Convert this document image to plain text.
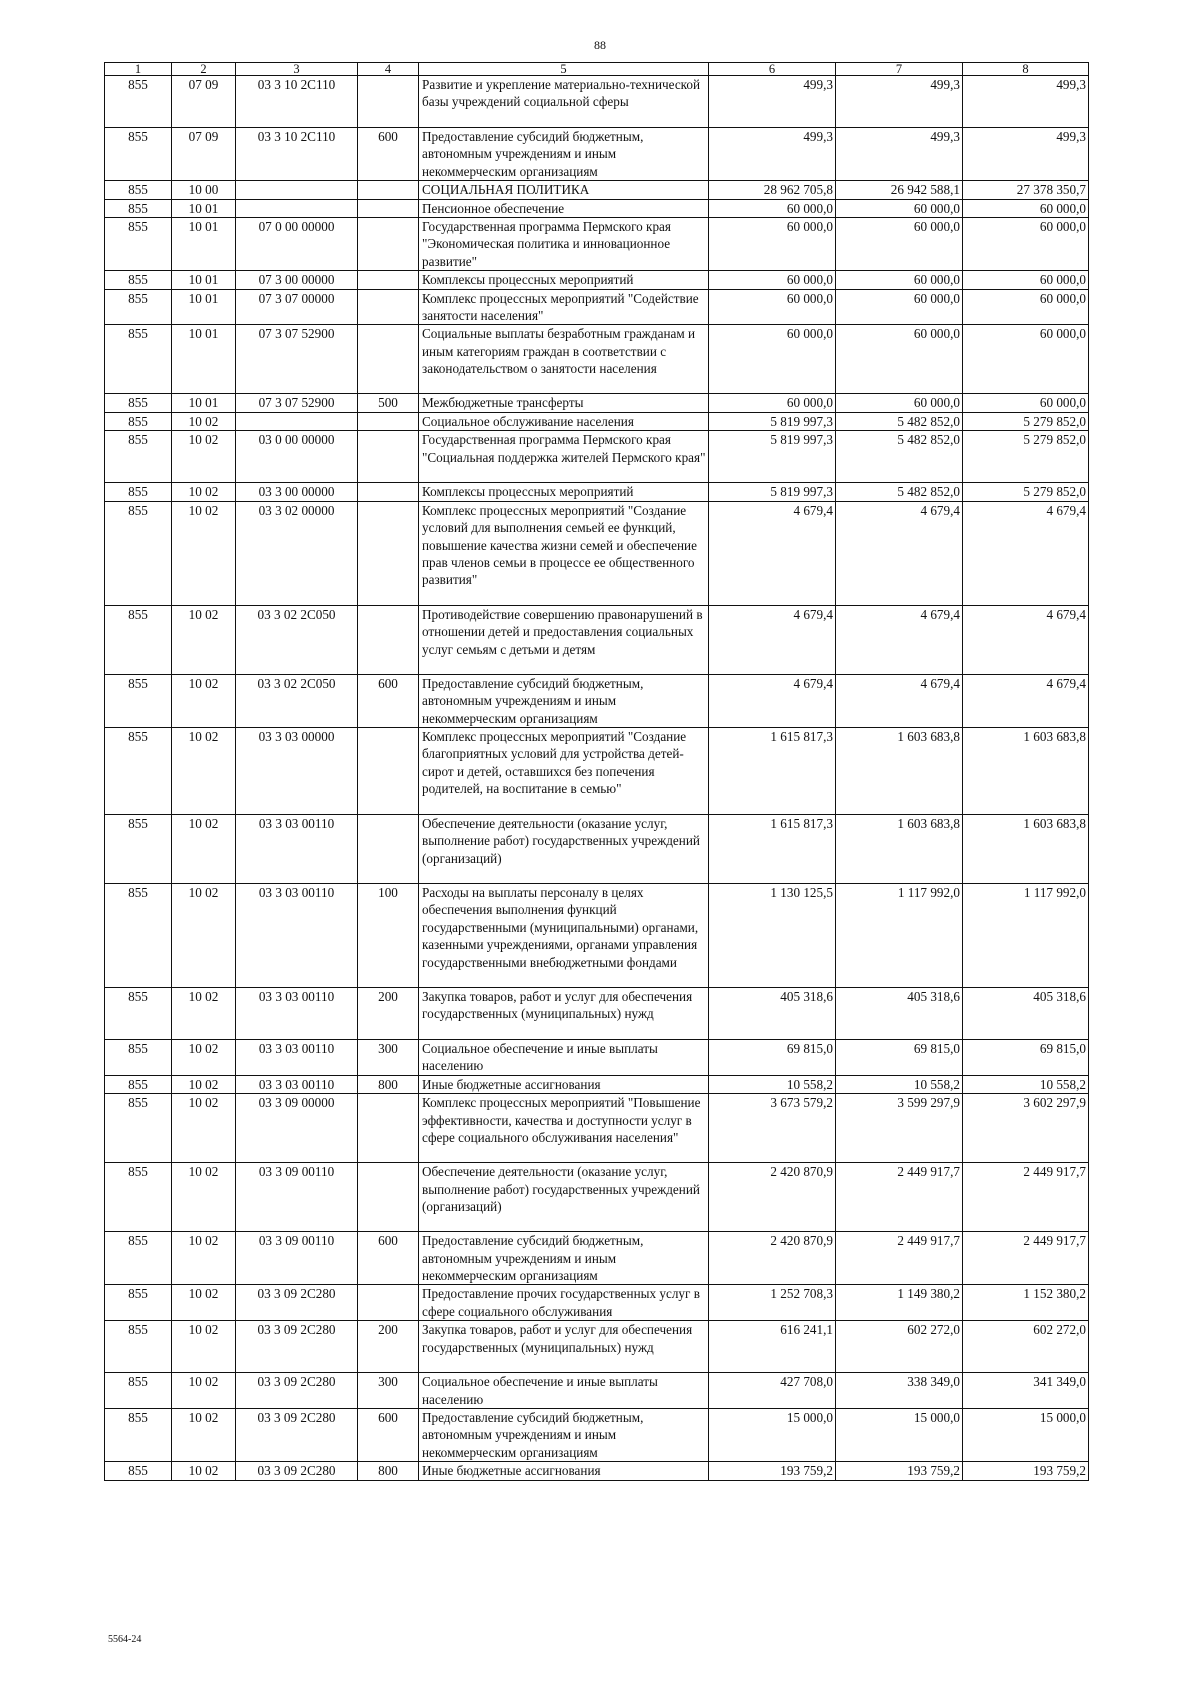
88
1	2	3	4	5	6	7	8
855	07 09	03 3 10 2С110		Развитие и укрепление материально-технической базы учреждений социальной сферы	499,3	499,3	499,3
855	07 09	03 3 10 2С110	600	Предоставление субсидий бюджетным, автономным учреждениям и иным некоммерческим организациям	499,3	499,3	499,3
855	10 00			СОЦИАЛЬНАЯ ПОЛИТИКА	28 962 705,8	26 942 588,1	27 378 350,7
855	10 01			Пенсионное обеспечение	60 000,0	60 000,0	60 000,0
855	10 01	07 0 00 00000		Государственная программа Пермского края "Экономическая политика и инновационное развитие"	60 000,0	60 000,0	60 000,0
855	10 01	07 3 00 00000		Комплексы процессных мероприятий	60 000,0	60 000,0	60 000,0
855	10 01	07 3 07 00000		Комплекс процессных мероприятий "Содействие занятости населения"	60 000,0	60 000,0	60 000,0
855	10 01	07 3 07 52900		Социальные выплаты безработным гражданам и иным категориям граждан в соответствии с законодательством о занятости населения	60 000,0	60 000,0	60 000,0
855	10 01	07 3 07 52900	500	Межбюджетные трансферты	60 000,0	60 000,0	60 000,0
855	10 02			Социальное обслуживание населения	5 819 997,3	5 482 852,0	5 279 852,0
855	10 02	03 0 00 00000		Государственная программа Пермского края "Социальная поддержка жителей Пермского края"	5 819 997,3	5 482 852,0	5 279 852,0
855	10 02	03 3 00 00000		Комплексы процессных мероприятий	5 819 997,3	5 482 852,0	5 279 852,0
855	10 02	03 3 02 00000		Комплекс процессных мероприятий "Создание условий для выполнения семьей ее функций, повышение качества жизни семей и обеспечение прав членов семьи в процессе ее общественного развития"	4 679,4	4 679,4	4 679,4
855	10 02	03 3 02 2С050		Противодействие совершению правонарушений в отношении детей и предоставления социальных услуг семьям с детьми и детям	4 679,4	4 679,4	4 679,4
855	10 02	03 3 02 2С050	600	Предоставление субсидий бюджетным, автономным учреждениям и иным некоммерческим организациям	4 679,4	4 679,4	4 679,4
855	10 02	03 3 03 00000		Комплекс процессных мероприятий "Создание благоприятных условий для устройства детей-сирот и детей, оставшихся без попечения родителей, на воспитание в семью"	1 615 817,3	1 603 683,8	1 603 683,8
855	10 02	03 3 03 00110		Обеспечение деятельности (оказание услуг, выполнение работ) государственных учреждений (организаций)	1 615 817,3	1 603 683,8	1 603 683,8
855	10 02	03 3 03 00110	100	Расходы на выплаты персоналу в целях обеспечения выполнения функций государственными (муниципальными) органами, казенными учреждениями, органами управления государственными внебюджетными фондами	1 130 125,5	1 117 992,0	1 117 992,0
855	10 02	03 3 03 00110	200	Закупка товаров, работ и услуг для обеспечения государственных (муниципальных) нужд	405 318,6	405 318,6	405 318,6
855	10 02	03 3 03 00110	300	Социальное обеспечение и иные выплаты населению	69 815,0	69 815,0	69 815,0
855	10 02	03 3 03 00110	800	Иные бюджетные ассигнования	10 558,2	10 558,2	10 558,2
855	10 02	03 3 09 00000		Комплекс процессных мероприятий "Повышение эффективности, качества и доступности услуг в сфере социального обслуживания населения"	3 673 579,2	3 599 297,9	3 602 297,9
855	10 02	03 3 09 00110		Обеспечение деятельности (оказание услуг, выполнение работ) государственных учреждений (организаций)	2 420 870,9	2 449 917,7	2 449 917,7
855	10 02	03 3 09 00110	600	Предоставление субсидий бюджетным, автономным учреждениям и иным некоммерческим организациям	2 420 870,9	2 449 917,7	2 449 917,7
855	10 02	03 3 09 2С280		Предоставление прочих государственных услуг в сфере социального обслуживания	1 252 708,3	1 149 380,2	1 152 380,2
855	10 02	03 3 09 2С280	200	Закупка товаров, работ и услуг для обеспечения государственных (муниципальных) нужд	616 241,1	602 272,0	602 272,0
855	10 02	03 3 09 2С280	300	Социальное обеспечение и иные выплаты населению	427 708,0	338 349,0	341 349,0
855	10 02	03 3 09 2С280	600	Предоставление субсидий бюджетным, автономным учреждениям и иным некоммерческим организациям	15 000,0	15 000,0	15 000,0
855	10 02	03 3 09 2С280	800	Иные бюджетные ассигнования	193 759,2	193 759,2	193 759,2
5564-24
